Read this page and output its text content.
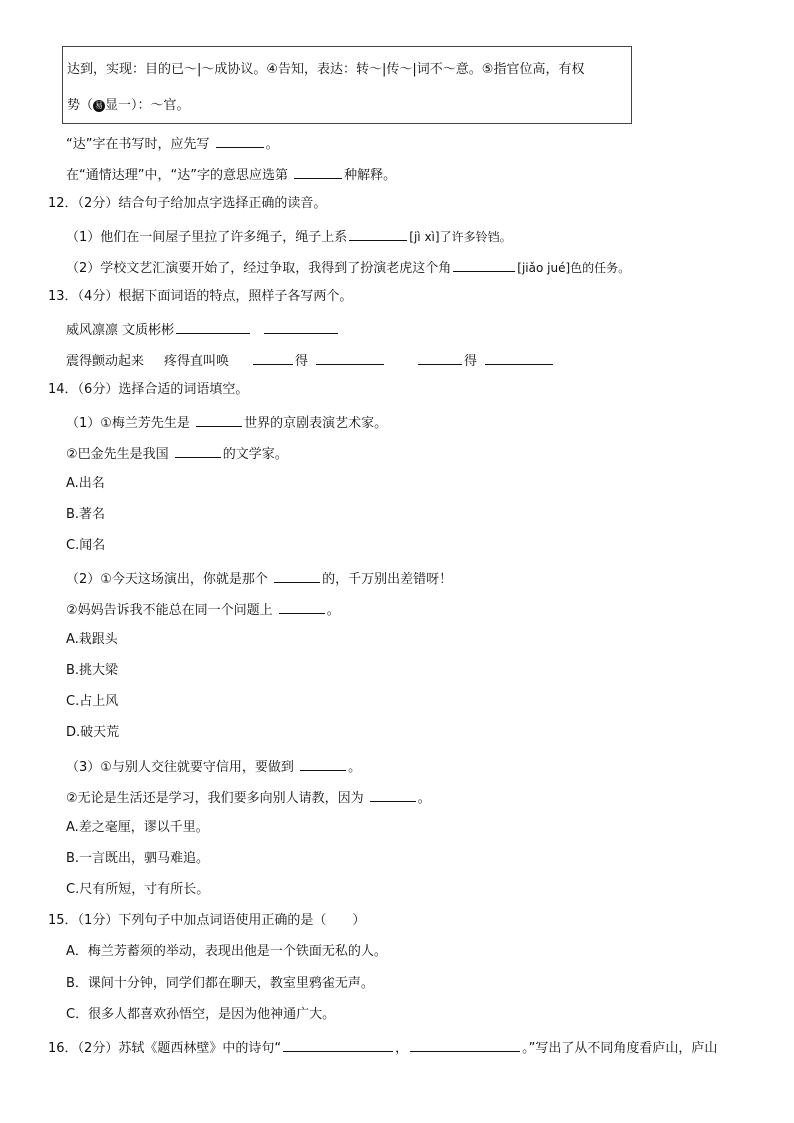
达到，实现：目的已～|～成协议。④告知，表达：转～|传～|词不～意。⑤指官位高，有权
势（ 易 显一）：～官。
“达”字在书写时，应先写	。
在“通情达理”中，“达”字的意思应选第	种解释。
12．（2分）结合句子给加点字选择正确的读音。
（1）他们在一间屋子里拉了许多绳子，绳子上系	[jì xì]了许多铃铛。
（2）学校文艺汇演要开始了，经过争取，我得到了扮演老虎这个角	[jiǎo jué]色的任务。
13．（4分）根据下面词语的特点，照样子各写两个。
威风凛凛 文质彬彬
震得颤动起来 疼得直叫唤	得	得
14．（6分）选择合适的词语填空。
（1）①梅兰芳先生是	世界的京剧表演艺术家。
②巴金先生是我国	的文学家。
A.出名
B.著名
C.闻名
（2）①今天这场演出，你就是那个	的，千万别出差错呀！
②妈妈告诉我不能总在同一个问题上	。
A.栽跟头
B.挑大梁
C.占上风
D.破天荒
（3）①与别人交往就要守信用，要做到	。
②无论是生活还是学习，我们要多向别人请教，因为	。
A.差之毫厘，谬以千里。
B.一言既出，驷马难追。
C.尺有所短，寸有所长。
15．（1分）下列句子中加点词语使用正确的是（　　）
A．梅兰芳蓄须的举动，表现出他是一个铁面无私的人。
B．课间十分钟，同学们都在聊天，教室里鸦雀无声。
C．很多人都喜欢孙悟空，是因为他神通广大。
16．（2分）苏轼《题西林壁》中的诗句“	，	。”写出了从不同角度看庐山，庐山
